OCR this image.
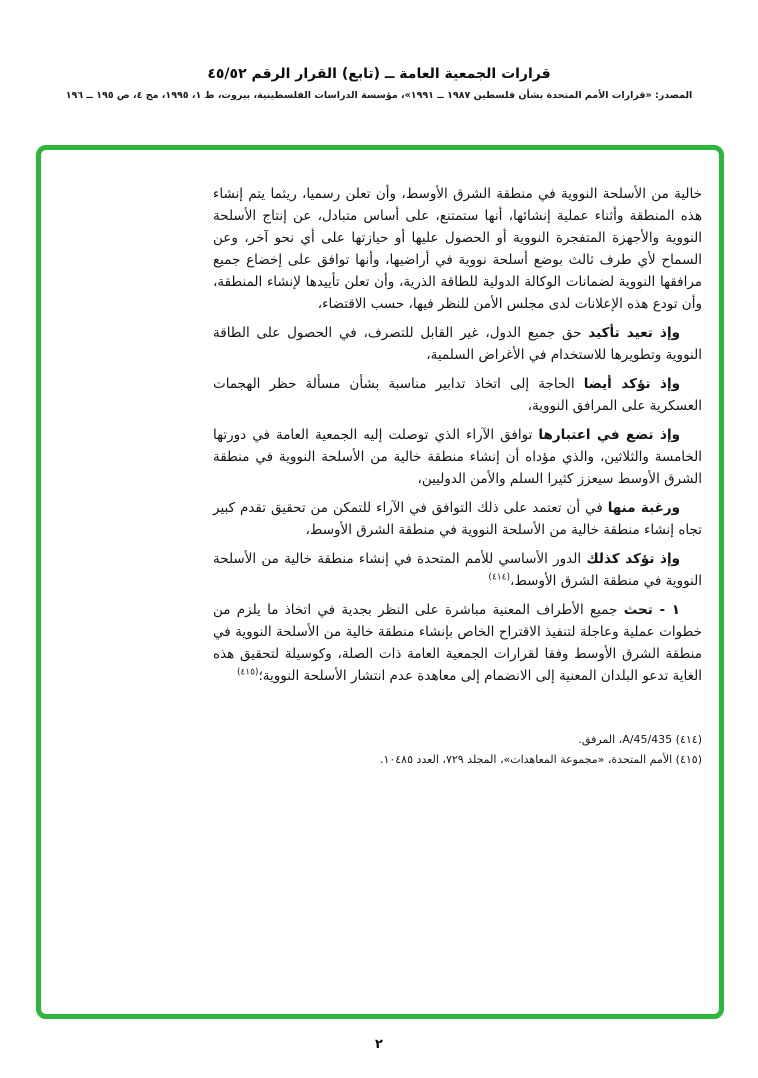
قرارات الجمعية العامة ــ (تابع) القرار الرقم ٤٥/٥٢
المصدر: «قرارات الأمم المتحدة بشأن فلسطين ١٩٨٧ ــ ١٩٩١»، مؤسسة الدراسات الفلسطينية، بيروت، ط ١، ١٩٩٥، مج ٤، ص ١٩٥ ــ ١٩٦

خالية من الأسلحة النووية في منطقة الشرق الأوسط، وأن تعلن رسميا، ريثما يتم إنشاء هذه المنطقة وأثناء عملية إنشائها، أنها ستمتنع، على أساس متبادل، عن إنتاج الأسلحة النووية والأجهزة المتفجرة النووية أو الحصول عليها أو حيازتها على أي نحو آخر، وعن السماح لأي طرف ثالث بوضع أسلحة نووية في أراضيها، وأنها توافق على إخضاع جميع مرافقها النووية لضمانات الوكالة الدولية للطاقة الذرية، وأن تعلن تأييدها لإنشاء المنطقة، وأن تودع هذه الإعلانات لدى مجلس الأمن للنظر فيها، حسب الاقتضاء،

وإذ تعيد تأكيد حق جميع الدول، غير القابل للتصرف، في الحصول على الطاقة النووية وتطويرها للاستخدام في الأغراض السلمية،

وإذ تؤكد أيضا الحاجة إلى اتخاذ تدابير مناسبة بشأن مسألة حظر الهجمات العسكرية على المرافق النووية،

وإذ تضع في اعتبارها توافق الآراء الذي توصلت إليه الجمعية العامة في دورتها الخامسة والثلاثين، والذي مؤداه أن إنشاء منطقة خالية من الأسلحة النووية في منطقة الشرق الأوسط سيعزز كثيرا السلم والأمن الدوليين،

ورغبة منها في أن تعتمد على ذلك التوافق في الآراء للتمكن من تحقيق تقدم كبير تجاه إنشاء منطقة خالية من الأسلحة النووية في منطقة الشرق الأوسط،

وإذ تؤكد كذلك الدور الأساسي للأمم المتحدة في إنشاء منطقة خالية من الأسلحة النووية في منطقة الشرق الأوسط،$^{(٤١٤)}$

١ - تحث جميع الأطراف المعنية مباشرة على النظر بجدية في اتخاذ ما يلزم من خطوات عملية وعاجلة لتنفيذ الاقتراح الخاص بإنشاء منطقة خالية من الأسلحة النووية في منطقة الشرق الأوسط وفقا لقرارات الجمعية العامة ذات الصلة، وكوسيلة لتحقيق هذه الغاية تدعو البلدان المعنية إلى الانضمام إلى معاهدة عدم انتشار الأسلحة النووية؛$^{(٤١٥)}$

(٤١٤) A/45/435، المرفق.

(٤١٥) الأمم المتحدة، «مجموعة المعاهدات»، المجلد ٧٢٩، العدد ١٠٤٨٥.

٢
